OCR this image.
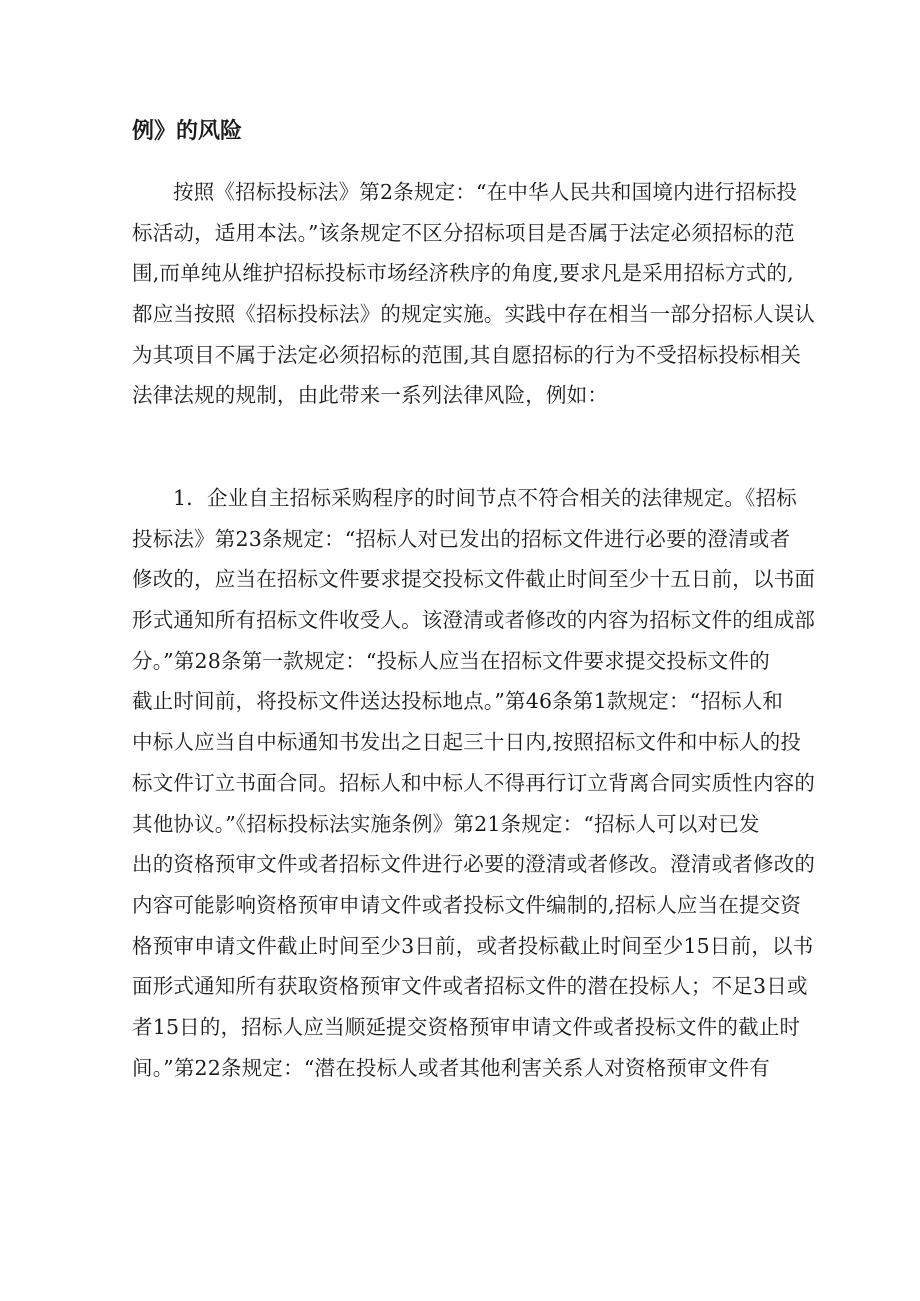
例》的风险

按照《招标投标法》第2条规定：“在中华人民共和国境内进行招标投
标活动，适用本法。”该条规定不区分招标项目是否属于法定必须招标的范
围,而单纯从维护招标投标市场经济秩序的角度,要求凡是采用招标方式的,
都应当按照《招标投标法》的规定实施。实践中存在相当一部分招标人误认
为其项目不属于法定必须招标的范围,其自愿招标的行为不受招标投标相关
法律法规的规制，由此带来一系列法律风险，例如：

1．企业自主招标采购程序的时间节点不符合相关的法律规定。《招标
投标法》第23条规定：“招标人对已发出的招标文件进行必要的澄清或者
修改的，应当在招标文件要求提交投标文件截止时间至少十五日前，以书面
形式通知所有招标文件收受人。该澄清或者修改的内容为招标文件的组成部
分。”第28条第一款规定：“投标人应当在招标文件要求提交投标文件的
截止时间前，将投标文件送达投标地点。”第46条第1款规定：“招标人和
中标人应当自中标通知书发出之日起三十日内,按照招标文件和中标人的投
标文件订立书面合同。招标人和中标人不得再行订立背离合同实质性内容的
其他协议。”《招标投标法实施条例》第21条规定：“招标人可以对已发
出的资格预审文件或者招标文件进行必要的澄清或者修改。澄清或者修改的
内容可能影响资格预审申请文件或者投标文件编制的,招标人应当在提交资
格预审申请文件截止时间至少3日前，或者投标截止时间至少15日前，以书
面形式通知所有获取资格预审文件或者招标文件的潜在投标人；不足3日或
者15日的，招标人应当顺延提交资格预审申请文件或者投标文件的截止时
间。”第22条规定：“潜在投标人或者其他利害关系人对资格预审文件有
